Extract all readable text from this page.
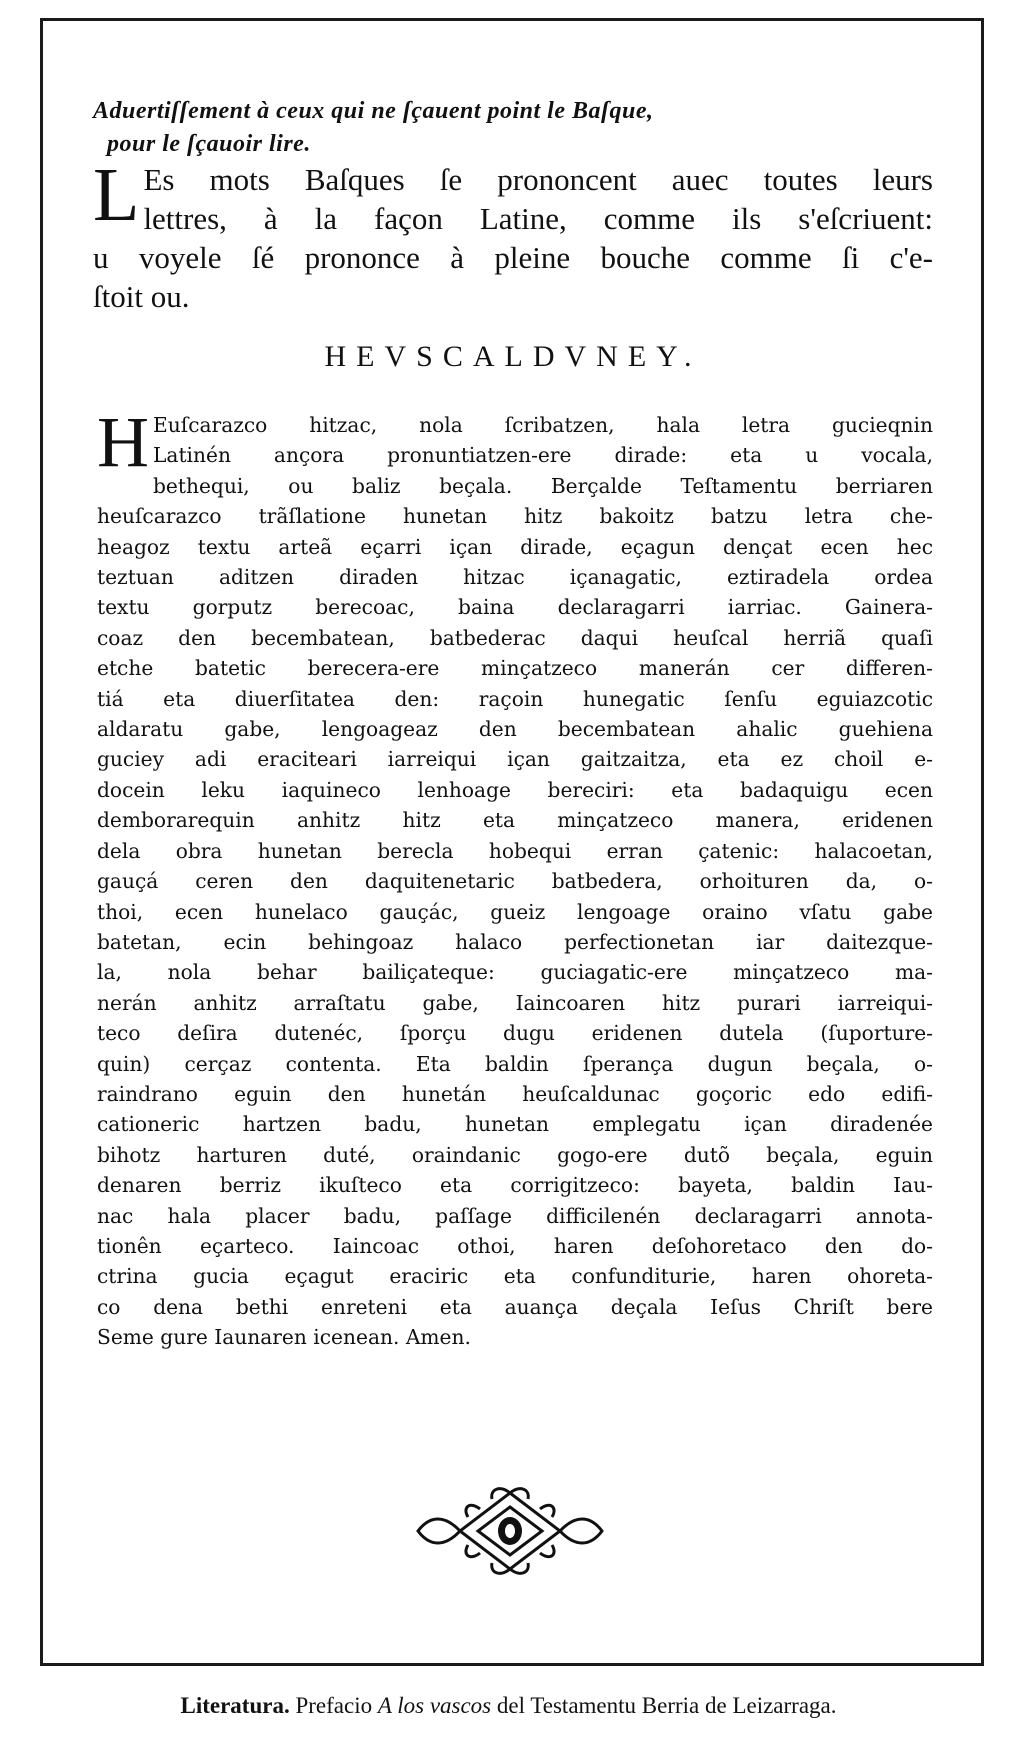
Aduertiſſement à ceux qui ne ſçauent point le Baſque,
pour le ſçauoir lire.
L Es mots Baſques ſe prononcent auec toutes leurs
lettres, à la façon Latine, comme ils s'eſcriuent:
u voyele ſé prononce à pleine bouche comme ſi c'e-
ſtoit ou.
HEVSCALDVNEY.
H Euſcarazco hitzac, nola ſcribatzen, hala letra gucieqnin
Latinén ançora pronuntiatzen-ere dirade: eta u vocala,
bethequi, ou baliz beçala. Berçalde Teſtamentu berriaren
heuſcarazco trãſlatione hunetan hitz bakoitz batzu letra che-
heagoz textu arteã eçarri içan dirade, eçagun dençat ecen hec
teztuan aditzen diraden hitzac içanagatic, eztiradela ordea
textu gorputz berecoac, baina declaragarri iarriac. Gainera-
coaz den becembatean, batbederac daqui heuſcal herriã quaſi
etche batetic berecera-ere minçatzeco manerán cer differen-
tiá eta diuerſitatea den: raçoin hunegatic ſenſu eguiazcotic
aldaratu gabe, lengoageaz den becembatean ahalic guehiena
guciey adi eraciteari iarreiqui içan gaitzaitza, eta ez choil e-
docein leku iaquineco lenhoage bereciri: eta badaquigu ecen
demborarequin anhitz hitz eta minçatzeco manera, eridenen
dela obra hunetan berecla hobequi erran çatenic: halacoetan,
gauçá ceren den daquitenetaric batbedera, orhoituren da, o-
thoi, ecen hunelaco gauçác, gueiz lengoage oraino vſatu gabe
batetan, ecin behingoaz halaco perfectionetan iar daitezque-
la, nola behar bailiçateque: guciagatic-ere minçatzeco ma-
nerán anhitz arraſtatu gabe, Iaincoaren hitz purari iarreiqui-
teco deſira dutenéc, ſporçu dugu eridenen dutela (ſuporture-
quin) cerçaz contenta. Eta baldin ſperança dugun beçala, o-
raindrano eguin den hunetán heuſcaldunac goçoric edo edifi-
cationeric hartzen badu, hunetan emplegatu içan diradenée
bihotz harturen duté, oraindanic gogo-ere dutõ beçala, eguin
denaren berriz ikuſteco eta corrigitzeco: bayeta, baldin Iau-
nac hala placer badu, paſſage difficilenén declaragarri annota-
tionên eçarteco. Iaincoac othoi, haren deſohoretaco den do-
ctrina gucia eçagut eraciric eta confunditurie, haren ohoreta-
co dena bethi enreteni eta auança deçala Ieſus Chriſt bere
Seme gure Iaunaren icenean. Amen.
Literatura. Prefacio A los vascos del Testamentu Berria de Leizarraga.
